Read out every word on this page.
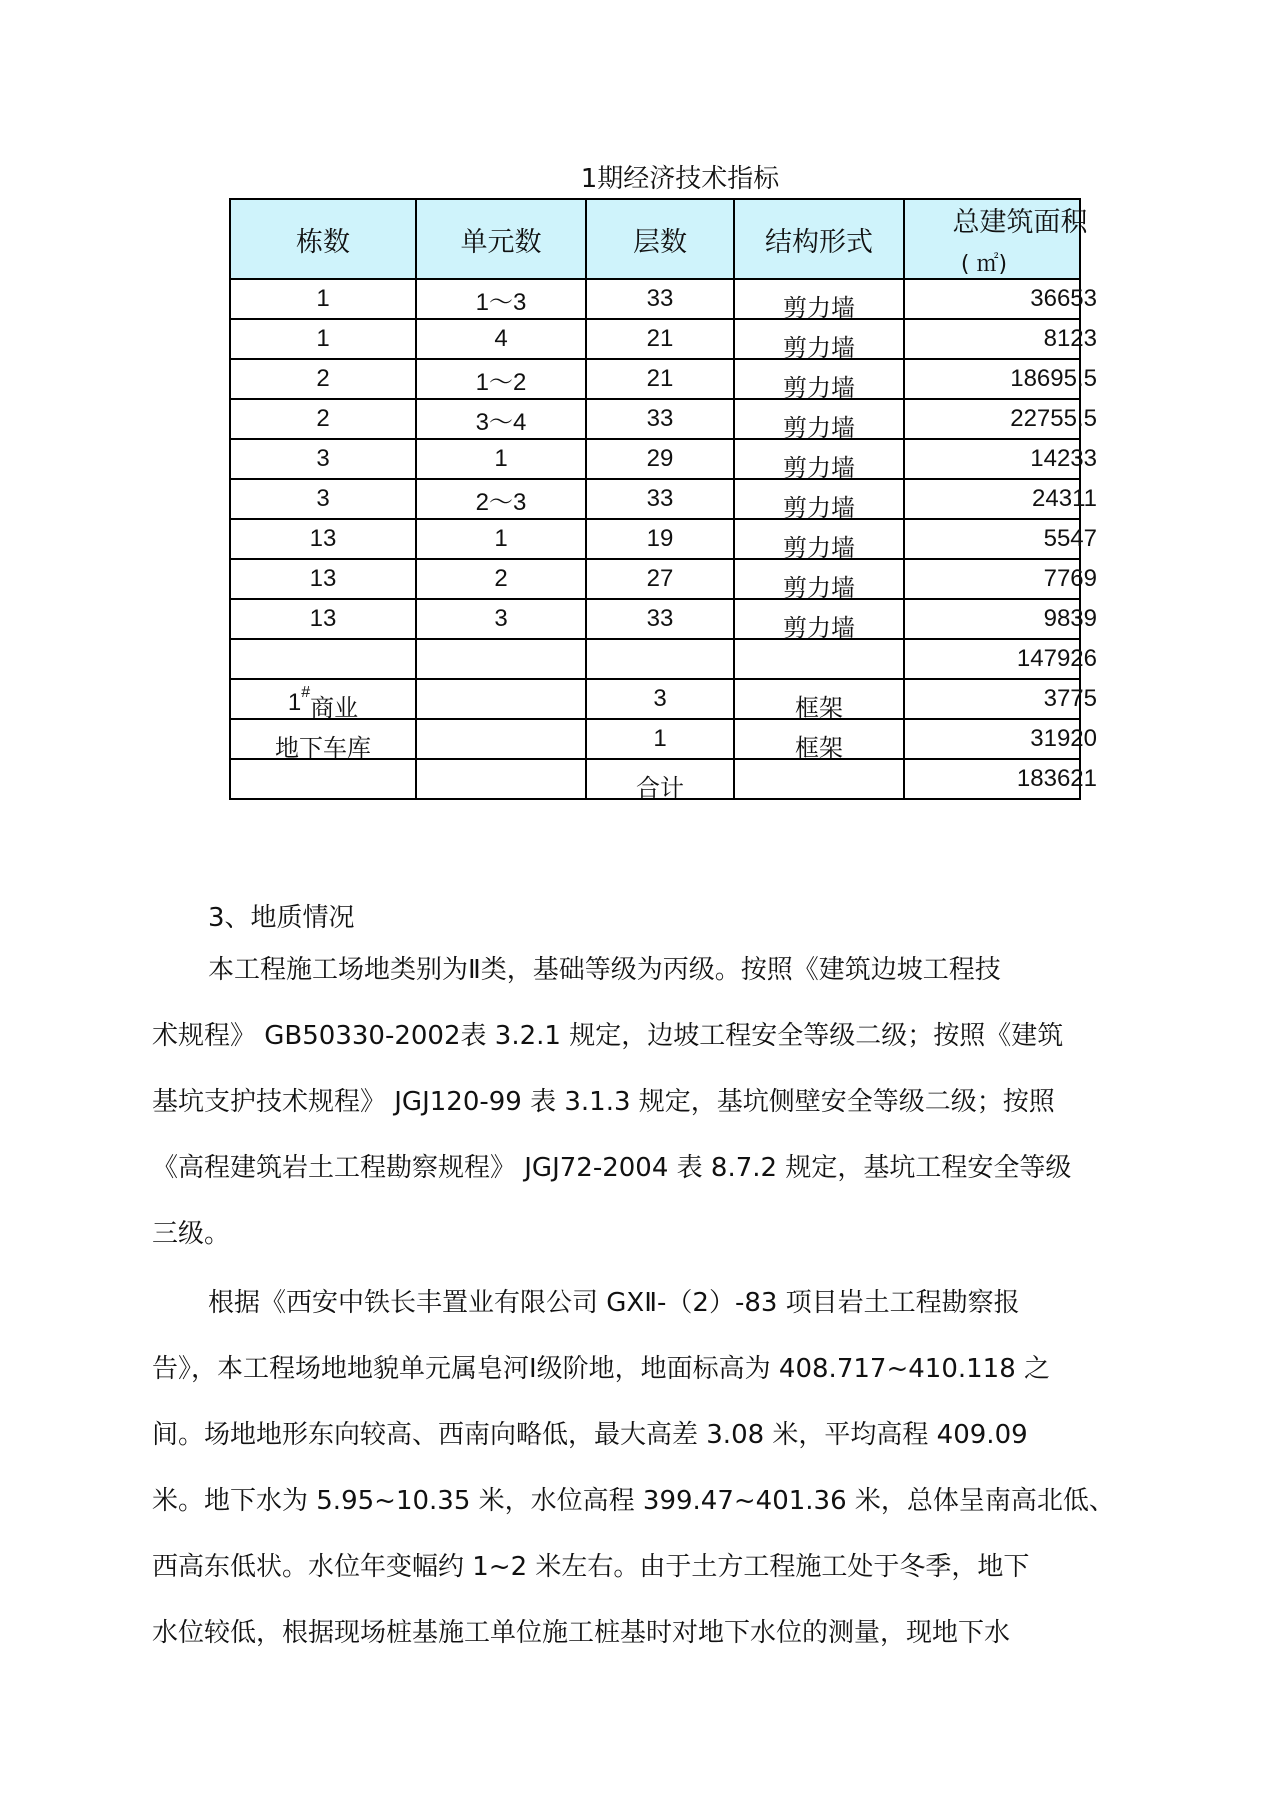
1期经济技术指标
栋数	单元数	层数	结构形式	总建筑面积
( ㎡)

1	1～3	33	剪力墙	36653
1	4	21	剪力墙	8123
2	1～2	21	剪力墙	18695.5
2	3～4	33	剪力墙	22755.5
3	1	29	剪力墙	14233
3	2～3	33	剪力墙	24311
13	1	19	剪力墙	5547
13	2	27	剪力墙	7769
13	3	33	剪力墙	9839
				147926
1#商业		3	框架	3775
地下车库		1	框架	31920
		合计		183621
3、地质情况
本工程施工场地类别为Ⅱ类，基础等级为丙级。按照《建筑边坡工程技
术规程》 GB50330-2002表 3.2.1 规定，边坡工程安全等级二级；按照《建筑
基坑支护技术规程》 JGJ120-99 表 3.1.3 规定，基坑侧壁安全等级二级；按照
《高程建筑岩土工程勘察规程》 JGJ72-2004 表 8.7.2 规定，基坑工程安全等级
三级。
根据《西安中铁长丰置业有限公司 GXⅡ-（2）-83 项目岩土工程勘察报
告》，本工程场地地貌单元属皂河Ⅰ级阶地，地面标高为 408.717~410.118 之
间。场地地形东向较高、西南向略低，最大高差 3.08 米，平均高程 409.09
米。地下水为 5.95~10.35 米，水位高程 399.47~401.36 米，总体呈南高北低、
西高东低状。水位年变幅约 1~2 米左右。由于土方工程施工处于冬季，地下
水位较低，根据现场桩基施工单位施工桩基时对地下水位的测量，现地下水
